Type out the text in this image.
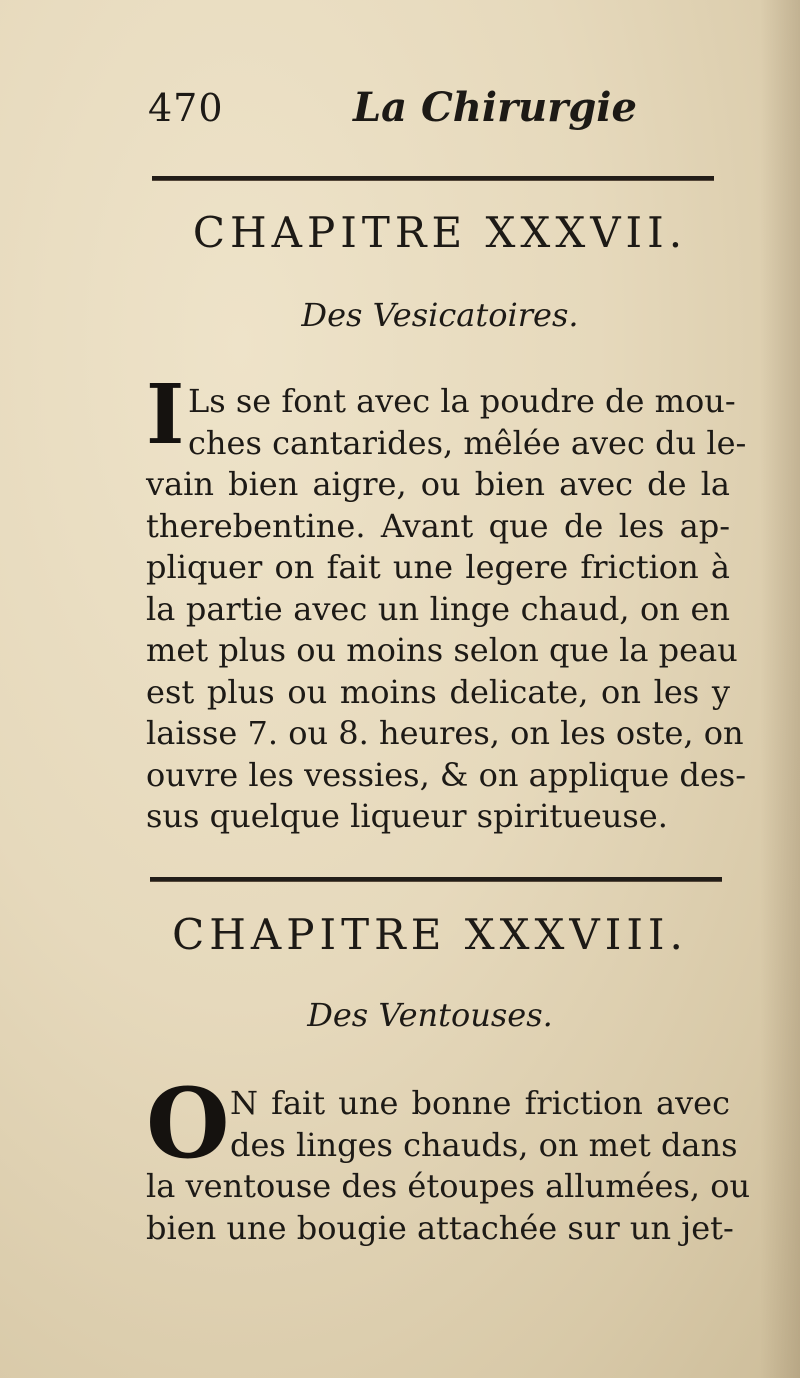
470	La Chirurgie
CHAPITRE XXXVII.
Des Vesicatoires.
I Ls se font avec la poudre de mou-
ches cantarides, mêlée avec du le-
vain bien aigre, ou bien avec de la
therebentine. Avant que de les ap-
pliquer on fait une legere friction à
la partie avec un linge chaud, on en
met plus ou moins selon que la peau
est plus ou moins delicate, on les y
laisse 7. ou 8. heures, on les oste, on
ouvre les vessies, & on applique des-
sus quelque liqueur spiritueuse.
CHAPITRE XXXVIII.
Des Ventouses.
O N fait une bonne friction avec
des linges chauds, on met dans
la ventouse des étoupes allumées, ou
bien une bougie attachée sur un jet-
